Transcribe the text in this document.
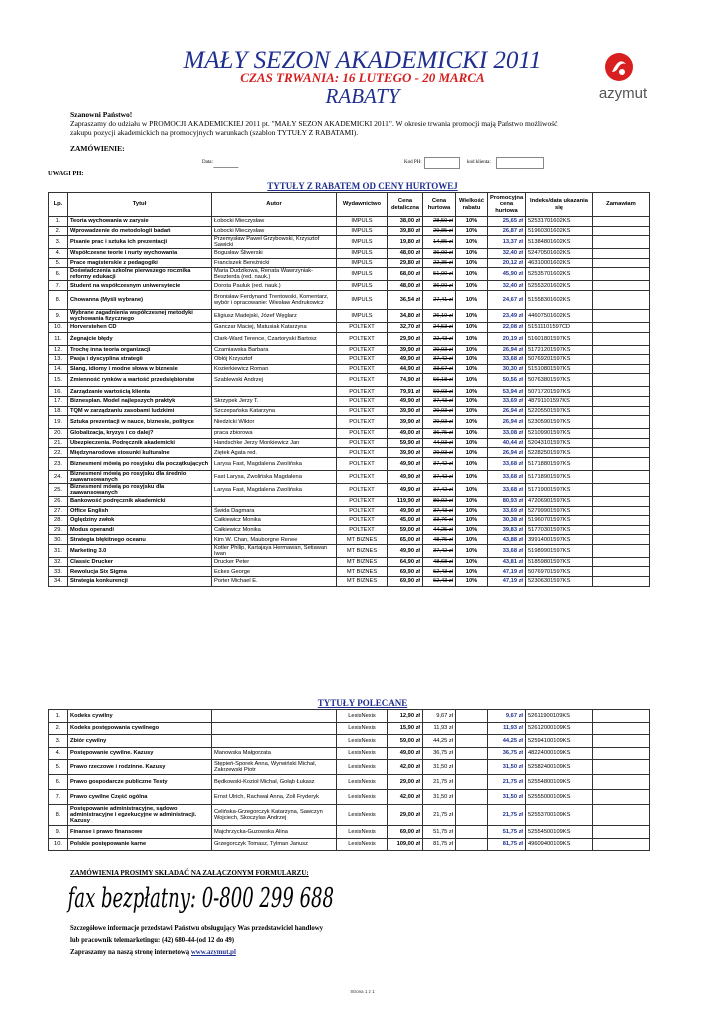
MAŁY SEZON AKADEMICKI 2011
CZAS TRWANIA: 16 LUTEGO - 20 MARCA
RABATY	azymut
Szanowni Państwo!
Zapraszamy do udziału w PROMOCJI AKADEMICKIEJ 2011 pt. "MAŁY SEZON AKADEMICKI 2011". W okresie trwania promocji mają Państwo możliwość
zakupu pozycji akademickich na promocyjnych warunkach (szablon TYTUŁY Z RABATAMI).
ZAMÓWIENIE:
Data:
...................................................................................................
Kod PH:	kod klienta:
UWAGI PH:
TYTUŁY Z RABATEM OD CENY HURTOWEJ
Lp.	Tytuł	Autor	Wydawnictwo	Cena detaliczna	Cena hurtowa	Wielkość rabatu	Promocyjna cena hurtowa	Indeks/data ukazania się	Zamawiam
1.	Teoria wychowania w zarysie	Łobocki Mieczysław	IMPULS	38,00 zł	28,50 zł	10%	25,65 zł	52531701602KS	
2.	Wprowadzenie do metodologii badań	Łobocki Mieczysław	IMPULS	39,80 zł	29,85 zł	10%	26,87 zł	51960301602KS	
3.	Pisanie prac i sztuka ich prezentacji	Przemysław Paweł Grzybowski, Krzysztof Sawicki	IMPULS	19,80 zł	14,85 zł	10%	13,37 zł	51384801602KS	
4.	Współczesne teorie i nurty wychowania	Bogusław Śliwerski	IMPULS	48,00 zł	36,00 zł	10%	32,40 zł	52470501602KS	
5.	Prace magisterskie z pedagogiki	Franciszek Bereźnicki	IMPULS	29,80 zł	22,35 zł	10%	20,12 zł	46310001602KS	
6.	Doświadczenia szkolne pierwszego rocznika reformy edukacji	Maria Dudzikowa, Renata Wawrzyniak-Beszterda (red. nauk.)	IMPULS	68,00 zł	51,00 zł	10%	45,90 zł	52535701602KS	
7.	Student na współczesnym uniwersytecie	Dorota Pauluk (red. nauk.)	IMPULS	48,00 zł	36,00 zł	10%	32,40 zł	52553201602KS	
8.	Chowanna (Myśli wybrane)	Bronisław Ferdynand Trentowski, Komentarz, wybór i opracowanie: Wiesław Andrukowicz	IMPULS	36,54 zł	27,41 zł	10%	24,67 zł	51558301602KS	
9.	Wybrane zagadnienia współczesnej metodyki wychowania fizycznego	Eligiusz Madejski, Józef Węglarz	IMPULS	34,80 zł	26,10 zł	10%	23,49 zł	44607501602KS	
10.	Horverstehen CD	Ganczar Maciej, Matusiak Katarzyna	POLTEXT	32,70 zł	24,53 zł	10%	22,08 zł	51511101597CD	
11.	Żegnajcie błędy	Clark-Ward Terence, Czartoryski Bartosz	POLTEXT	29,90 zł	22,43 zł	10%	20,19 zł	51601801597KS	
12.	Trochę inna teoria organizacji	Czarniawska Barbara	POLTEXT	39,90 zł	29,93 zł	10%	26,94 zł	51721201597KS	
13.	Pasja i dyscyplina strategii	Obłój Krzysztof	POLTEXT	49,90 zł	37,42 zł	10%	33,68 zł	50769201597KS	
14.	Slang, idiomy i modne słowa w biznesie	Kozierkiewicz Roman	POLTEXT	44,90 zł	33,67 zł	10%	30,30 zł	51510801597KS	
15.	Zmienność rynków a wartość przedsiębiorstw	Szablewski Andrzej	POLTEXT	74,90 zł	56,18 zł	10%	50,56 zł	50763801597KS	
16.	Zarządzanie wartością klienta		POLTEXT	79,91 zł	59,93 zł	10%	53,94 zł	50717201597KS	
17.	Biznesplan. Model najlepszych praktyk	Skrzypek Jerzy T.	POLTEXT	49,90 zł	37,43 zł	10%	33,69 zł	48791101597KS	
18.	TQM w zarządzaniu zasobami ludzkimi	Szczepańska Katarzyna	POLTEXT	39,90 zł	29,93 zł	10%	26,94 zł	52205501597KS	
19.	Sztuka prezentacji w nauce, biznesie, polityce	Niedzicki Wiktor	POLTEXT	39,90 zł	29,93 zł	10%	26,94 zł	52305901597KS	
20.	Globalizacja, kryzys i co dalej?	praca zbiorowa	POLTEXT	49,00 zł	36,75 zł	10%	33,08 zł	52109901597KS	
21.	Ubezpieczenia. Podręcznik akademicki	Handschke Jerzy Monkiewicz Jan	POLTEXT	59,90 zł	44,93 zł	10%	40,44 zł	52043101597KS	
22.	Międzynarodowe stosunki kulturalne	Ziętek Agata red.	POLTEXT	39,90 zł	29,93 zł	10%	26,94 zł	52282501597KS	
23.	Biznesmeni mówią po rosyjsku dla początkujących	Larysa Fast, Magdalena Zwolińska	POLTEXT	49,90 zł	37,42 zł	10%	33,68 zł	51718801597KS	
24.	Biznesmeni mówią po rosyjsku dla średnio zaawansowanych	Fast Larysa, Zwolińska Magdalena	POLTEXT	49,90 zł	37,42 zł	10%	33,68 zł	51718901597KS	
25.	Biznesmeni mówią po rosyjsku dla zaawansowanych	Larysa Fast, Magdalena Zwolińska	POLTEXT	49,90 zł	37,42 zł	10%	33,68 zł	51719001597KS	
26.	Bankowość podręcznik akademicki		POLTEXT	119,90 zł	89,92 zł	10%	80,93 zł	47206901597KS	
27.	Office English	Świda Dagmara	POLTEXT	49,90 zł	37,43 zł	10%	33,69 zł	52799901597KS	
28.	Oględziny zwłok	Całkiewicz Monika	POLTEXT	45,00 zł	33,76 zł	10%	30,38 zł	51960701597KS	
29.	Modus operandi	Całkiewicz Monika	POLTEXT	59,00 zł	44,25 zł	10%	39,83 zł	51770301597KS	
30.	Strategia błękitnego oceanu	Kim W. Chan, Mauborgne Renee	MT BIZNES	65,00 zł	48,75 zł	10%	43,88 zł	39914001597KS	
31.	Marketing 3.0	Kotler Philip, Kartajaya Hermawan, Setiawan Iwan	MT BIZNES	49,90 zł	37,42 zł	10%	33,68 zł	51989901597KS	
32.	Classic Drucker	Drucker Peter	MT BIZNES	64,90 zł	48,68 zł	10%	43,81 zł	51859801597KS	
33.	Rewolucja Six Sigma	Eckes George	MT BIZNES	69,90 zł	52,43 zł	10%	47,19 zł	50769701597KS	
34.	Strategia konkurencji	Porter Michael E.	MT BIZNES	69,90 zł	52,43 zł	10%	47,19 zł	52306301597KS	
TYTUŁY POLECANE
1.	Kodeks cywilny		LexisNexis	12,90 zł	9,67 zł		9,67 zł	52611900109KS	
2.	Kodeks postępowania cywilnego		LexisNexis	15,90 zł	11,93 zł		11,93 zł	52612000109KS	
3.	Zbiór cywilny		LexisNexis	59,00 zł	44,25 zł		44,25 zł	52594100109KS	
4.	Postępowanie cywilne. Kazusy	Manowska Małgorzata	LexisNexis	49,00 zł	36,75 zł		36,75 zł	48224000109KS	
5.	Prawo rzeczowe i rodzinne. Kazusy	Stępień-Sporek Anna, Wyrwiński Michał, Zakrzewski Piotr	LexisNexis	42,00 zł	31,50 zł		31,50 zł	52582400109KS	
6.	Prawo gospodarcze publiczne Testy	Będkowski-Kozioł Michał, Gołąb Łukasz	LexisNexis	29,00 zł	21,75 zł		21,75 zł	52554800109KS	
7.	Prawo cywilne Część ogólna	Ernst Ulrich, Rachwał Anna, Zoll Fryderyk	LexisNexis	42,00 zł	31,50 zł		31,50 zł	52555000109KS	
8.	Postępowanie administracyjne, sądowo administracyjne i egzekucyjne w administracji. Kazusy	Celińska-Grzegorczyk Katarzyna, Sawczyn Wojciech, Skoczylas Andrzej	LexisNexis	29,00 zł	21,75 zł		21,75 zł	52553700109KS	
9.	Finanse i prawo finansowe	Majchrzycka-Guzowska Alina	LexisNexis	69,00 zł	51,75 zł		51,75 zł	52554500109KS	
10.	Polskie postępowanie karne	Grzegorczyk Tomasz, Tylman Janusz	LexisNexis	109,00 zł	81,75 zł		81,75 zł	49609400109KS	
ZAMÓWIENIA PROSIMY SKŁADAĆ NA ZAŁĄCZONYM FORMULARZU:
fax bezpłatny: 0-800 299 688
Szczegółowe informacje przedstawi Państwu obsługujący Was przedstawiciel handlowy
lub pracownik telemarketingu: (42) 680-44-(od 12 do 49)
Zapraszamy na naszą stronę internetową www.azymut.pl
Strona 1 z 1
